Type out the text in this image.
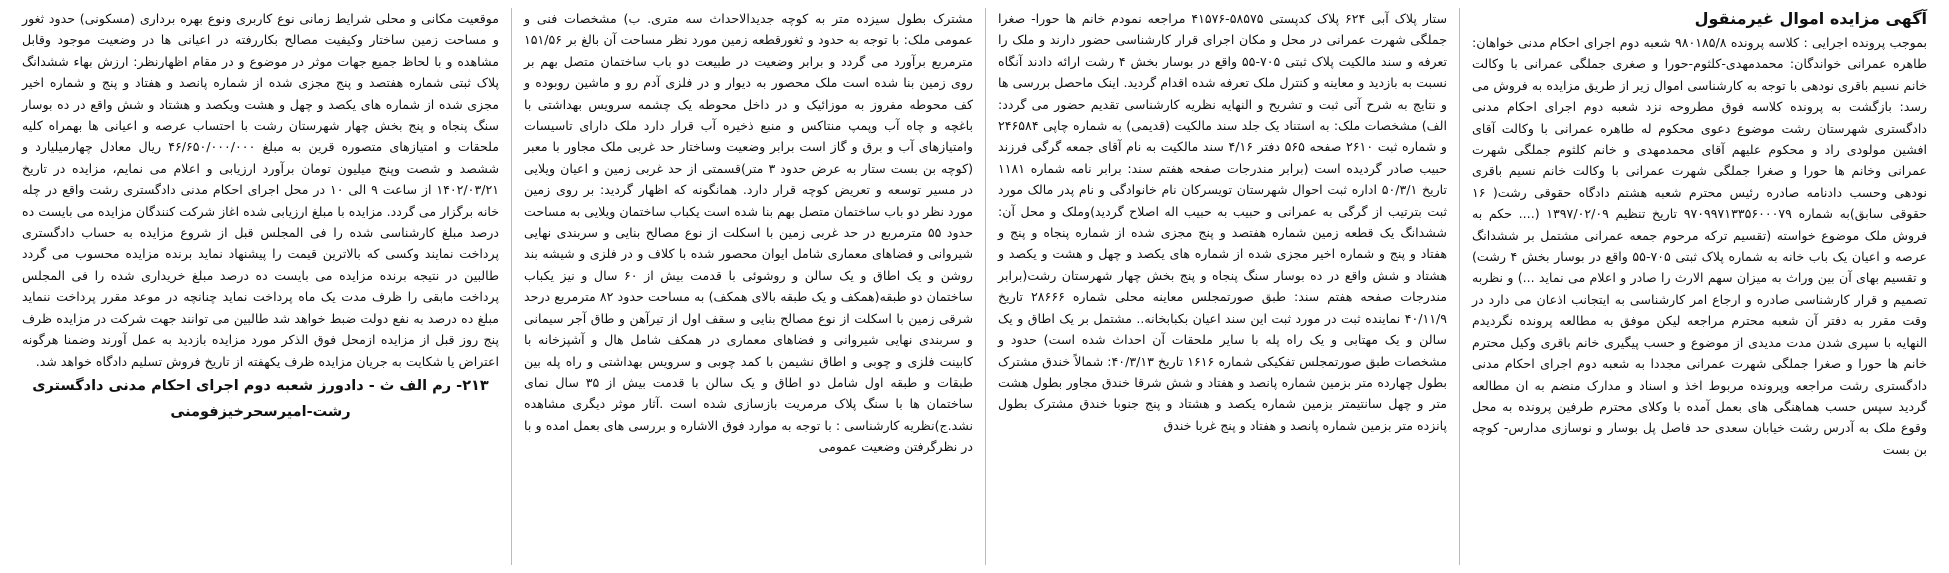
آگهی مزایده اموال غیرمنقول

بموجب پرونده اجرایی : کلاسه پرونده ۹۸۰۱۸۵/۸ شعبه دوم اجرای احکام مدنی خواهان: طاهره عمرانی خواندگان: محمدمهدی-کلثوم-حورا و صغری جملگی عمرانی با وکالت خانم نسیم باقری نودهی با توجه به کارشناسی اموال زیر از طریق مزایده به فروش می رسد: بازگشت به پرونده کلاسه فوق مطروحه نزد شعبه دوم اجرای احکام مدنی دادگستری شهرستان رشت موضوع دعوی محکوم له طاهره عمرانی با وکالت آقای افشین مولودی راد و محکوم علیهم آقای محمدمهدی و خانم کلثوم جملگی شهرت عمرانی وخانم ها حورا و صغرا جملگی شهرت عمرانی با وکالت خانم نسیم باقری نودهی وحسب دادنامه صادره رئیس محترم شعبه هشتم دادگاه حقوقی رشت( ۱۶ حقوقی سابق)به شماره ۹۷۰۹۹۷۱۳۳۵۶۰۰۰۷۹ تاریخ تنظیم ۱۳۹۷/۰۲/۰۹ (.... حکم به فروش ملک موضوع خواسته (تقسیم ترکه مرحوم جمعه عمرانی مشتمل بر ششدانگ عرصه و اعیان یک باب خانه به شماره پلاک ثبتی ۷۰۵-۵۵ واقع در بوسار بخش ۴ رشت) و تقسیم بهای آن بین وراث به میزان سهم الارث را صادر و اعلام می نماید ...) و نظربه تصمیم و قرار کارشناسی صادره و ارجاع امر کارشناسی به ایتجانب اذعان می دارد در وقت مقرر به دفتر آن شعبه محترم مراجعه لیکن موفق به مطالعه پرونده نگردیدم النهایه با سپری شدن مدت مدیدی از موضوع و حسب پیگیری خانم باقری وکیل محترم خانم ها حورا و صغرا جملگی شهرت عمرانی مجددا به شعبه دوم اجرای احکام مدنی دادگستری رشت مراجعه وپرونده مربوط اخذ و اسناد و مدارک منضم به ان مطالعه گردید سپس حسب هماهنگی های بعمل آمده با وکلای محترم طرفین پرونده به محل وقوع ملک به آدرس رشت خیابان سعدی حد فاصل پل بوسار و نوسازی مدارس- کوچه بن بست

ستار پلاک آبی ۶۲۴ پلاک کدپستی ۵۸۵۷۵-۴۱۵۷۶ مراجعه نمودم خانم ها حورا- صغرا جملگی شهرت عمرانی در محل و مکان اجرای قرار کارشناسی حضور دارند و ملک را تعرفه و سند مالکیت پلاک ثبتی ۷۰۵-۵۵ واقع در بوسار بخش ۴ رشت ارائه دادند آنگاه نسبت به بازدید و معاینه و کنترل ملک تعرفه شده اقدام گردید. اینک ماحصل بررسی ها و نتایج به شرح آتی ثبت و تشریح و النهایه نظریه کارشناسی تقدیم حضور می گردد: الف) مشخصات ملک: به استناد یک جلد سند مالکیت (قدیمی) به شماره چاپی ۲۴۶۵۸۴ و شماره ثبت ۲۶۱۰ صفحه ۵۶۵ دفتر ۴/۱۶ سند مالکیت به نام آقای جمعه گرگی فرزند حبیب صادر گردیده است (برابر مندرجات صفحه هفتم سند: برابر نامه شماره ۱۱۸۱ تاریخ ۵۰/۳/۱ اداره ثبت احوال شهرستان تویسرکان نام خانوادگی و نام پدر مالک مورد ثبت بترتیب از گرگی به عمرانی و حبیب به حبیب اله اصلاح گردید)وملک و محل آن: ششدانگ یک قطعه زمین شماره هفتصد و پنج مجزی شده از شماره پنجاه و پنج و هفتاد و پنج و شماره اخیر مجزی شده از شماره های یکصد و چهل و هشت و یکصد و هشتاد و شش واقع در ده بوسار سنگ پنجاه و پنج بخش چهار شهرستان رشت(برابر مندرجات صفحه هفتم سند: طبق صورتمجلس معاینه محلی شماره ۲۸۶۶۶ تاریخ ۴۰/۱۱/۹ نماینده ثبت در مورد ثبت این سند اعیان بکبابخانه.. مشتمل بر یک اطاق و یک سالن و یک مهتابی و یک راه پله با سایر ملحقات آن احداث شده است) حدود و مشخصات طبق صورتمجلس تفکیکی شماره ۱۶۱۶ تاریخ ۴۰/۳/۱۳: شمالاً خندق مشترک بطول چهارده متر بزمین شماره پانصد و هفتاد و شش شرقا خندق مجاور بطول هشت متر و چهل سانتیمتر بزمین شماره یکصد و هشتاد و پنج جنوبا خندق مشترک بطول پانزده متر بزمین شماره پانصد و هفتاد و پنج غربا خندق

مشترک بطول سیزده متر به کوچه جدیدالاحداث سه متری. ب) مشخصات فنی و عمومی ملک: با توجه به حدود و ثغورقطعه زمین مورد نظر مساحت آن بالغ بر ۱۵۱/۵۶ مترمربع برآورد می گردد و برابر وضعیت در طبیعت دو باب ساختمان متصل بهم بر روی زمین بنا شده است ملک محصور به دیوار و در فلزی آدم رو و ماشین روبوده و کف محوطه مفروز به موزائیک و در داخل محوطه یک چشمه سرویس بهداشتی با باغچه و چاه آب وپمپ منتاکس و منبع ذخیره آب قرار دارد ملک دارای تاسیسات وامتیازهای آب و برق و گاز است برابر وضعیت وساختار حد غربی ملک مجاور با معبر (کوچه بن بست ستار به عرض حدود ۳ متر)قسمتی از حد غربی زمین و اعیان ویلایی در مسیر توسعه و تعریض کوچه قرار دارد. همانگونه که اظهار گردید: بر روی زمین مورد نظر دو باب ساختمان متصل بهم بنا شده است یکباب ساختمان ویلایی به مساحت حدود ۵۵ مترمربع در حد غربی زمین با اسکلت از نوع مصالح بنایی و سربندی نهایی شیروانی و فضاهای معماری شامل ایوان محصور شده با کلاف و در فلزی و شیشه بند روشن و یک اطاق و یک سالن و روشوئی با قدمت بیش از ۶۰ سال و نیز یکباب ساختمان دو طبقه(همکف و یک طبقه بالای همکف) به مساحت حدود ۸۲ مترمربع درحد شرقی زمین با اسکلت از نوع مصالح بنایی و سقف اول از تیرآهن و طاق آجر سیمانی و سربندی نهایی شیروانی و فضاهای معماری در همکف شامل هال و آشپزخانه با کابینت فلزی و چوبی و اطاق نشیمن با کمد چوبی و سرویس بهداشتی و راه پله بین طبقات و طبقه اول شامل دو اطاق و یک سالن با قدمت بیش از ۳۵ سال نمای ساختمان ها با سنگ پلاک مرمریت بازسازی شده است .آثار موثر دیگری مشاهده نشد.ج)نظریه کارشناسی : با توجه به موارد فوق الاشاره و بررسی های بعمل امده و با در نظرگرفتن وضعیت عمومی

موقعیت مکانی و محلی شرایط زمانی نوع کاربری ونوع بهره برداری (مسکونی) حدود ثغور و مساحت زمین ساختار وکیفیت مصالح بکاررفته در اعیانی ها در وضعیت موجود وقابل مشاهده و با لحاظ جمیع جهات موثر در موضوع و در مقام اظهارنظر: ارزش بهاء ششدانگ پلاک ثبتی شماره هفتصد و پنج مجزی شده از شماره پانصد و هفتاد و پنج و شماره اخیر مجزی شده از شماره های یکصد و چهل و هشت ویکصد و هشتاد و شش واقع در ده بوسار سنگ پنجاه و پنج بخش چهار شهرستان رشت با احتساب عرصه و اعیانی ها بهمراه کلیه ملحقات و امتیازهای متصوره قرین به مبلغ ۴۶/۶۵۰/۰۰۰/۰۰۰ ریال معادل چهارمیلیارد و ششصد و شصت وپنج میلیون تومان برآورد ارزیابی و اعلام می نمایم، مزایده در تاریخ ۱۴۰۲/۰۳/۲۱ از ساعت ۹ الی ۱۰ در محل اجرای احکام مدنی دادگستری رشت واقع در چله خانه برگزار می گردد. مزایده با مبلغ ارزیابی شده اغاز شرکت کنندگان مزایده می بایست ده درصد مبلغ کارشناسی شده را فی المجلس قبل از شروع مزایده به حساب دادگستری پرداخت نمایند وکسی که بالاترین قیمت را پیشنهاد نماید برنده مزایده محسوب می گردد طالبین در نتیجه برنده مزایده می بایست ده درصد مبلغ خریداری شده را فی المجلس پرداخت مابقی را ظرف مدت یک ماه پرداخت نماید چنانچه در موعد مقرر پرداخت ننماید مبلغ ده درصد به نفع دولت ضبط خواهد شد طالبین می توانند جهت شرکت در مزایده ظرف پنج روز قبل از مزایده ازمحل فوق الذکر مورد مزایده بازدید به عمل آورند وضمنا هرگونه اعتراض یا شکایت به جریان مزایده ظرف یکهفته از تاریخ فروش تسلیم دادگاه خواهد شد.

۲۱۳- رم الف ث - دادورز شعبه دوم اجرای احکام مدنی دادگستری
رشت-امیرسحرخیزفومنی
